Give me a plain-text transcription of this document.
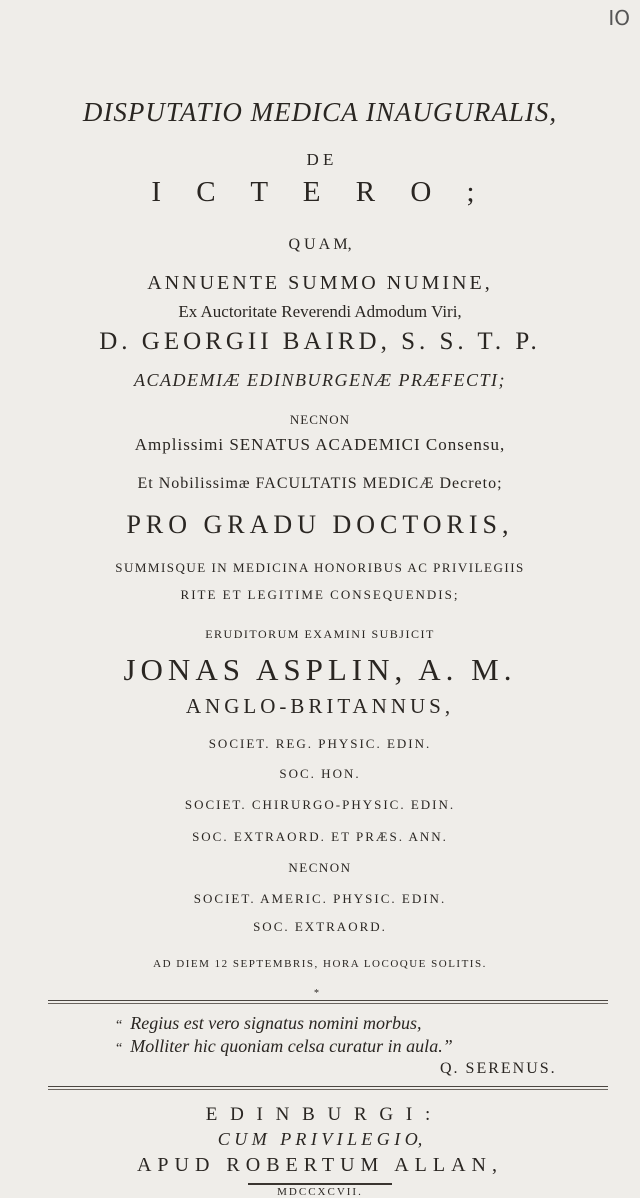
IO
DISPUTATIO MEDICA INAUGURALIS,
D E
I C T E R O ;
Q U A M,
ANNUENTE SUMMO NUMINE,
Ex Auctoritate Reverendi Admodum Viri,
D. GEORGII BAIRD, S. S. T. P.
ACADEMIÆ EDINBURGENÆ PRÆFECTI;
NECNON
Amplissimi SENATUS ACADEMICI Consensu,
Et Nobilissimæ FACULTATIS MEDICÆ Decreto;
PRO GRADU DOCTORIS,
SUMMISQUE IN MEDICINA HONORIBUS AC PRIVILEGIIS
RITE ET LEGITIME CONSEQUENDIS;
ERUDITORUM EXAMINI SUBJICIT
JONAS ASPLIN, A. M.
ANGLO-BRITANNUS,
SOCIET. REG. PHYSIC. EDIN.
SOC. HON.
SOCIET. CHIRURGO-PHYSIC. EDIN.
SOC. EXTRAORD. ET PRÆS. ANN.
NECNON
SOCIET. AMERIC. PHYSIC. EDIN.
SOC. EXTRAORD.
AD DIEM 12 SEPTEMBRIS, HORA LOCOQUE SOLITIS.
*
“ Regius est vero signatus nomini morbus,
“ Molliter hic quoniam celsa curatur in aula.”
Q. SERENUS.
E D I N B U R G I :
C U M   P R I V I L E G I O,
APUD ROBERTUM ALLAN,
MDCCXCVII.
